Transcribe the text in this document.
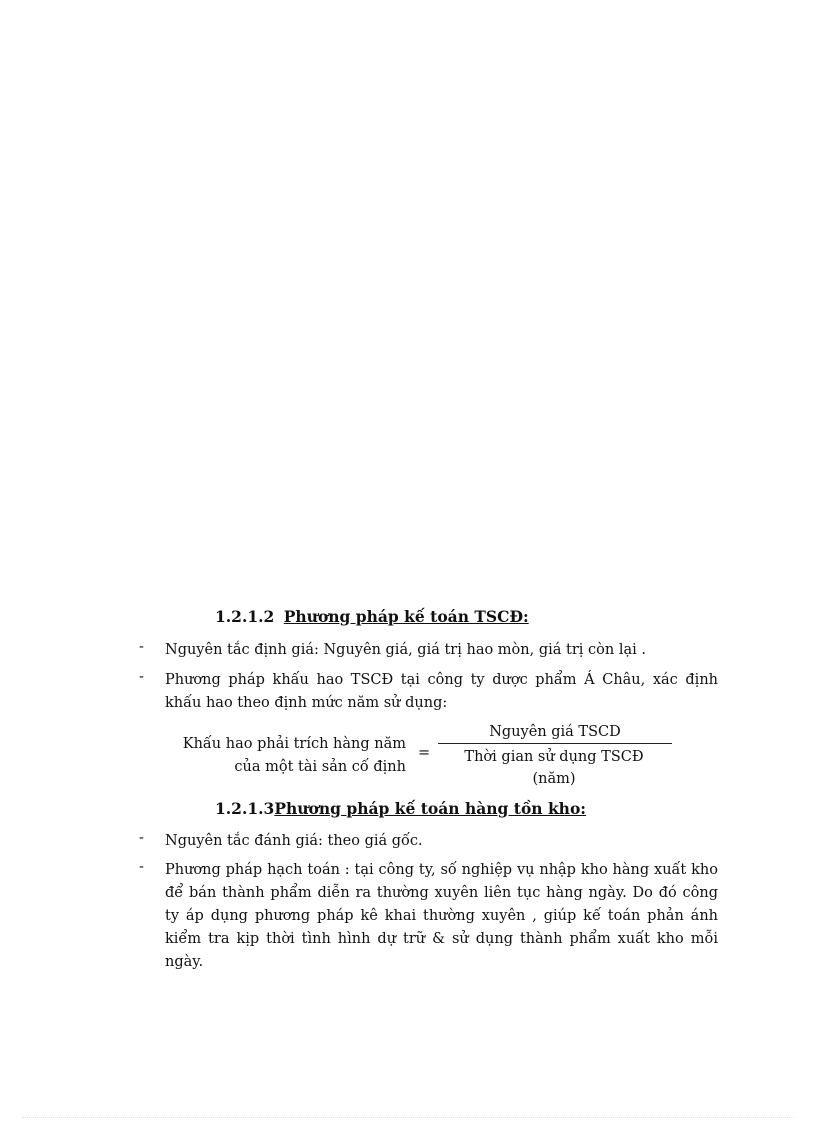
1.2.1.2 Phương pháp kế toán TSCĐ:
- Nguyên tắc định giá: Nguyên giá, giá trị hao mòn, giá trị còn lại .
- Phương pháp khấu hao TSCĐ tại công ty dược phẩm Á Châu, xác định khấu hao theo định mức năm sử dụng:
Khấu hao phải trích hàng năm
của một tài sản cố định
=
Nguyên giá TSCD
Thời gian sử dụng TSCĐ
(năm)
1.2.1.3Phương pháp kế toán hàng tồn kho:
- Nguyên tắc đánh giá: theo giá gốc.
- Phương pháp hạch toán : tại công ty, số nghiệp vụ nhập kho hàng xuất kho để bán thành phẩm diễn ra thường xuyên liên tục hàng ngày. Do đó công ty áp dụng phương pháp kê khai thường xuyên , giúp kế toán phản ánh kiểm tra kịp thời tình hình dự trữ & sử dụng thành phẩm xuất kho mỗi ngày.
